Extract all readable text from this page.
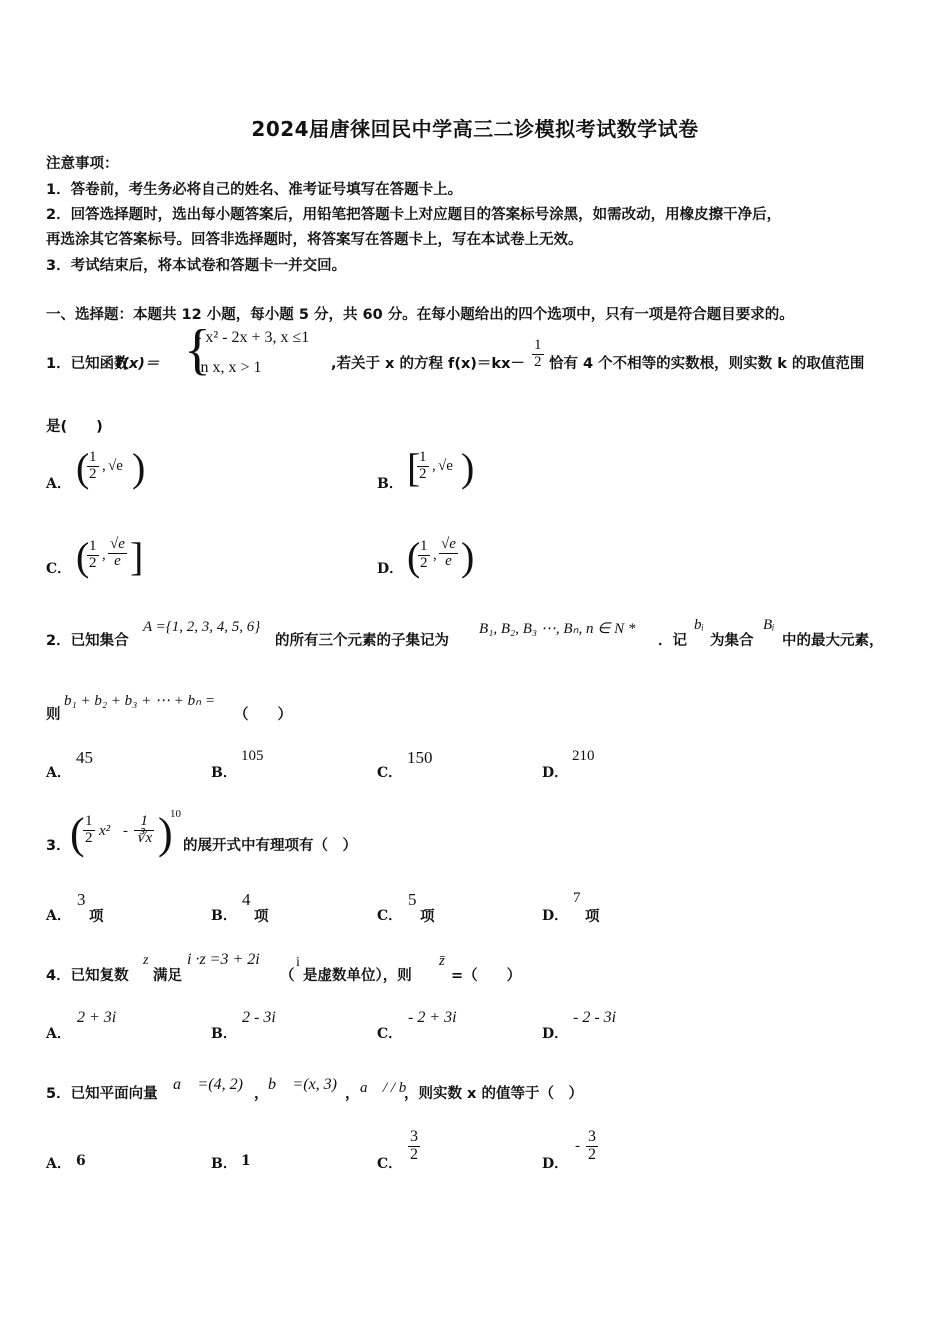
2024届唐徕回民中学高三二诊模拟考试数学试卷
注意事项：
1．答卷前，考生务必将自己的姓名、准考证号填写在答题卡上。
2．回答选择题时，选出每小题答案后，用铅笔把答题卡上对应题目的答案标号涂黑，如需改动，用橡皮擦干净后，
再选涂其它答案标号。回答非选择题时，将答案写在答题卡上，写在本试卷上无效。
3．考试结束后，将本试卷和答题卡一并交回。
一、选择题：本题共 12 小题，每小题 5 分，共 60 分。在每小题给出的四个选项中，只有一项是符合题目要求的。
1．已知函数
f(x)＝ {
- x² - 2x + 3, x ≤1
ln x, x > 1	,若关于 x 的方程 $f(x)=kx- \frac{1}{2}$ 恰有 4 个不相等的实数根，则实数 k 的取值范围
是(　　)
A． (
$\frac{1}{2}$ , √e )	B． [
$\frac{1}{2}$ , √e )
C． (
$\frac{1}{2}$ , $\frac{√e}{e}$ ]	D． (
$\frac{1}{2}$ , $\frac{√e}{e}$ )
2．已知集合
A ={1, 2, 3, 4, 5, 6}
的所有三个元素的子集记为
B₁, B₂, B₃ ⋯, Bₙ, n ∈ N *
．记
bᵢ
为集合
Bᵢ
中的最大元素，
则
b₁ + b₂ + b₃ + ⋯ + bₙ =
（　　）
A．
45
B．
105
C．
150
D．
210
3． (
$\frac{1}{2} x^2 - \frac{1}{∛x}$ )
10
的展开式中有理项有（　）
A．
3
项	B．
4
项	C．
5
项	D．
7
项
4．已知复数
z
满足
i ·z =3 + 2i
（
i
是虚数单位），则
z̄
=（　　）
A．
2 + 3i
B．
2 - 3i
C．
- 2 + 3i
D．
- 2 - 3i
5．已知平面向量
a⃗ =(4, 2)
，
b⃗ =(x, 3)
， a⃗ / / b⃗
，则实数 x 的值等于（　）
A． 6	B． 1	C．
$\frac{3}{2}$
D．
- $\frac{3}{2}$
